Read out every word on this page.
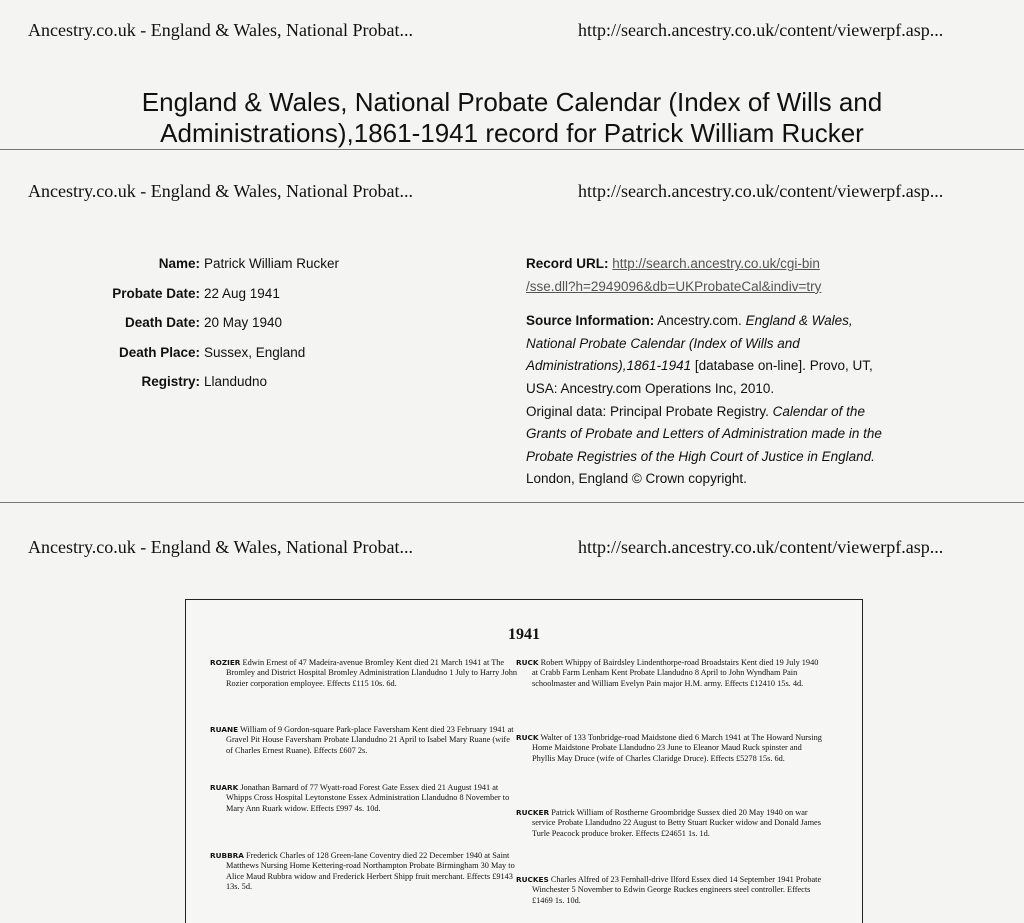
Ancestry.co.uk - England & Wales, National Probat...	http://search.ancestry.co.uk/content/viewerpf.asp...
England & Wales, National Probate Calendar (Index of Wills and
Administrations),1861-1941 record for Patrick William Rucker
Ancestry.co.uk - England & Wales, National Probat...	http://search.ancestry.co.uk/content/viewerpf.asp...
Name: Patrick William Rucker
Probate Date: 22 Aug 1941
Death Date: 20 May 1940
Death Place: Sussex, England
Registry: Llandudno
Record URL: http://search.ancestry.co.uk/cgi-bin
/sse.dll?h=2949096&db=UKProbateCal&indiv=try
Source Information: Ancestry.com. England & Wales,
National Probate Calendar (Index of Wills and
Administrations),1861-1941 [database on-line]. Provo, UT,
USA: Ancestry.com Operations Inc, 2010.
Original data: Principal Probate Registry. Calendar of the
Grants of Probate and Letters of Administration made in the
Probate Registries of the High Court of Justice in England.
London, England © Crown copyright.
Ancestry.co.uk - England & Wales, National Probat...	http://search.ancestry.co.uk/content/viewerpf.asp...
1941
ROZIER Edwin Ernest of 47 Madeira-avenue Bromley Kent died 21 March 1941 at The Bromley and District Hospital Bromley Administration Llandudno 1 July to Harry John Rozier corporation employee. Effects £115 10s. 6d.
RUANE William of 9 Gordon-square Park-place Faversham Kent died 23 February 1941 at Gravel Pit House Faversham Probate Llandudno 21 April to Isabel Mary Ruane (wife of Charles Ernest Ruane). Effects £607 2s.
RUARK Jonathan Barnard of 77 Wyatt-road Forest Gate Essex died 21 August 1941 at Whipps Cross Hospital Leytonstone Essex Administration Llandudno 8 November to Mary Ann Ruark widow. Effects £997 4s. 10d.
RUBBRA Frederick Charles of 128 Green-lane Coventry died 22 December 1940 at Saint Matthews Nursing Home Kettering-road Northampton Probate Birmingham 30 May to Alice Maud Rubbra widow and Frederick Herbert Shipp fruit merchant. Effects £9143 13s. 5d.
RUCK Robert Whippy of Bairdsley Lindenthorpe-road Broadstairs Kent died 19 July 1940 at Crabb Farm Lenham Kent Probate Llandudno 8 April to John Wyndham Pain schoolmaster and William Evelyn Pain major H.M. army. Effects £12410 15s. 4d.
RUCK Walter of 133 Tonbridge-road Maidstone died 6 March 1941 at The Howard Nursing Home Maidstone Probate Llandudno 23 June to Eleanor Maud Ruck spinster and Phyllis May Druce (wife of Charles Claridge Druce). Effects £5278 15s. 6d.
RUCKER Patrick William of Rostherne Groombridge Sussex died 20 May 1940 on war service Probate Llandudno 22 August to Betty Stuart Rucker widow and Donald James Turle Peacock produce broker. Effects £24651 1s. 1d.
RUCKES Charles Alfred of 23 Fernhall-drive Ilford Essex died 14 September 1941 Probate Winchester 5 November to Edwin George Ruckes engineers steel controller. Effects £1469 1s. 10d.
